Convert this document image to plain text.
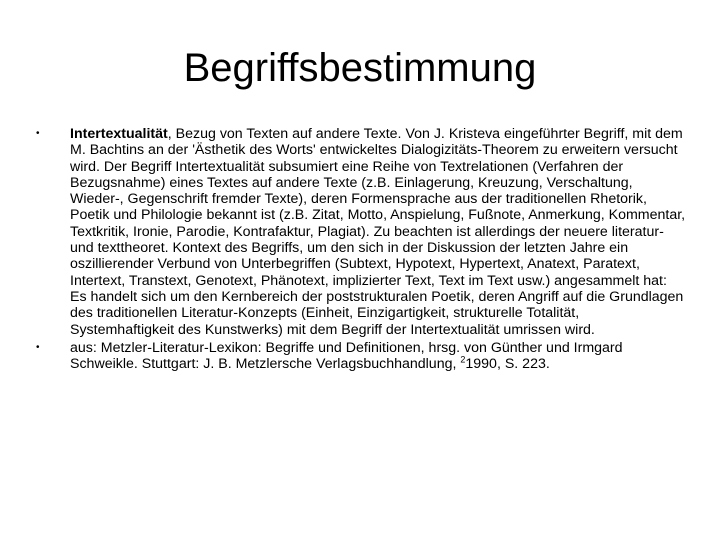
Begriffsbestimmung
•	Intertextualität, Bezug von Texten auf andere Texte. Von J. Kristeva eingeführter Begriff, mit dem M. Bachtins an der 'Ästhetik des Worts' entwickeltes Dialogizitäts-Theorem zu erweitern versucht wird. Der Begriff Intertextualität subsumiert eine Reihe von Textrelationen (Verfahren der Bezugsnahme) eines Textes auf andere Texte (z.B. Einlagerung, Kreuzung, Verschaltung, Wieder-, Gegenschrift fremder Texte), deren Formensprache aus der traditionellen Rhetorik, Poetik und Philologie bekannt ist (z.B. Zitat, Motto, Anspielung, Fußnote, Anmerkung, Kommentar, Textkritik, Ironie, Parodie, Kontrafaktur, Plagiat). Zu beachten ist allerdings der neuere literatur- und texttheoret. Kontext des Begriffs, um den sich in der Diskussion der letzten Jahre ein oszillierender Verbund von Unterbegriffen (Subtext, Hypotext, Hypertext, Anatext, Paratext, Intertext, Transtext, Genotext, Phänotext, implizierter Text, Text im Text usw.) angesammelt hat: Es handelt sich um den Kernbereich der poststrukturalen Poetik, deren Angriff auf die Grundlagen des traditionellen Literatur-Konzepts (Einheit, Einzigartigkeit, strukturelle Totalität, Systemhaftigkeit des Kunstwerks) mit dem Begriff der Intertextualität umrissen wird.
•	aus: Metzler-Literatur-Lexikon: Begriffe und Definitionen, hrsg. von Günther und Irmgard Schweikle. Stuttgart: J. B. Metzlersche Verlagsbuchhandlung, $^2$1990, S. 223.
